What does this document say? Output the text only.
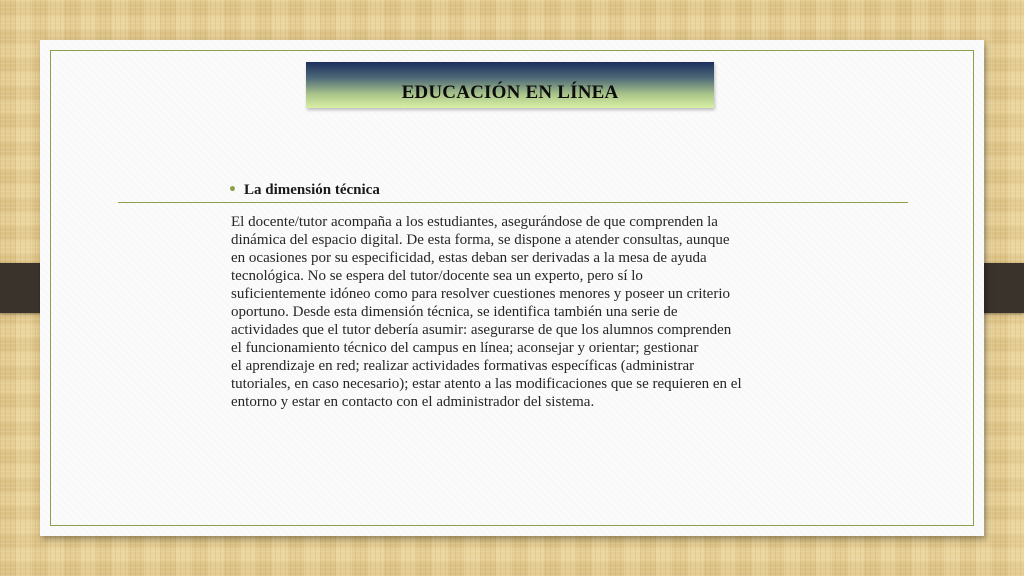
EDUCACIÓN EN LÍNEA
• La dimensión técnica
El docente/tutor acompaña a los estudiantes, asegurándose de que comprenden la
dinámica del espacio digital. De esta forma, se dispone a atender consultas, aunque
en ocasiones por su especificidad, estas deban ser derivadas a la mesa de ayuda
tecnológica. No se espera del tutor/docente sea un experto, pero sí lo
suficientemente idóneo como para resolver cuestiones menores y poseer un criterio
oportuno. Desde esta dimensión técnica, se identifica también una serie de
actividades que el tutor debería asumir: asegurarse de que los alumnos comprenden
el funcionamiento técnico del campus en línea; aconsejar y orientar; gestionar
el aprendizaje en red; realizar actividades formativas específicas (administrar
tutoriales, en caso necesario); estar atento a las modificaciones que se requieren en el
entorno y estar en contacto con el administrador del sistema.
